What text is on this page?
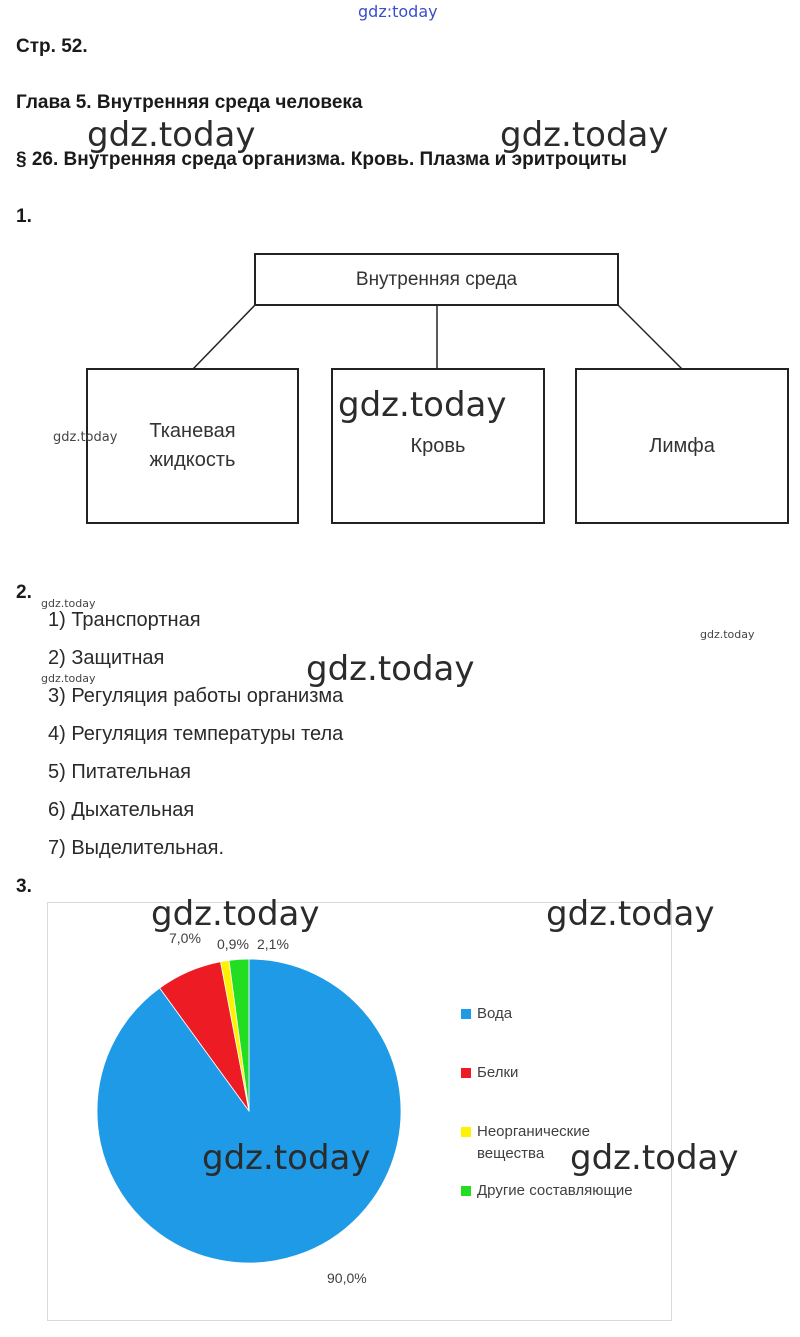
gdz:today
Стр. 52.
Глава 5. Внутренняя среда человека
§ 26. Внутренняя среда организма. Кровь. Плазма и эритроциты
gdz.today	gdz.today
1.
Внутренняя среда
Тканевая
жидкость
Кровь	Лимфа
gdz.today
gdz.today
2.
gdz.today
gdz.today
gdz.today
1) Транспортная
2) Защитная
3) Регуляция работы организма
4) Регуляция температуры тела
5) Питательная
6) Дыхательная
7) Выделительная.
gdz.today
3.
90,0%
7,0% 0,9% 2,1%
Вода
Белки
Неорганические
вещества
Другие составляющие
gdz.today	gdz.today
gdz.today	gdz.today
